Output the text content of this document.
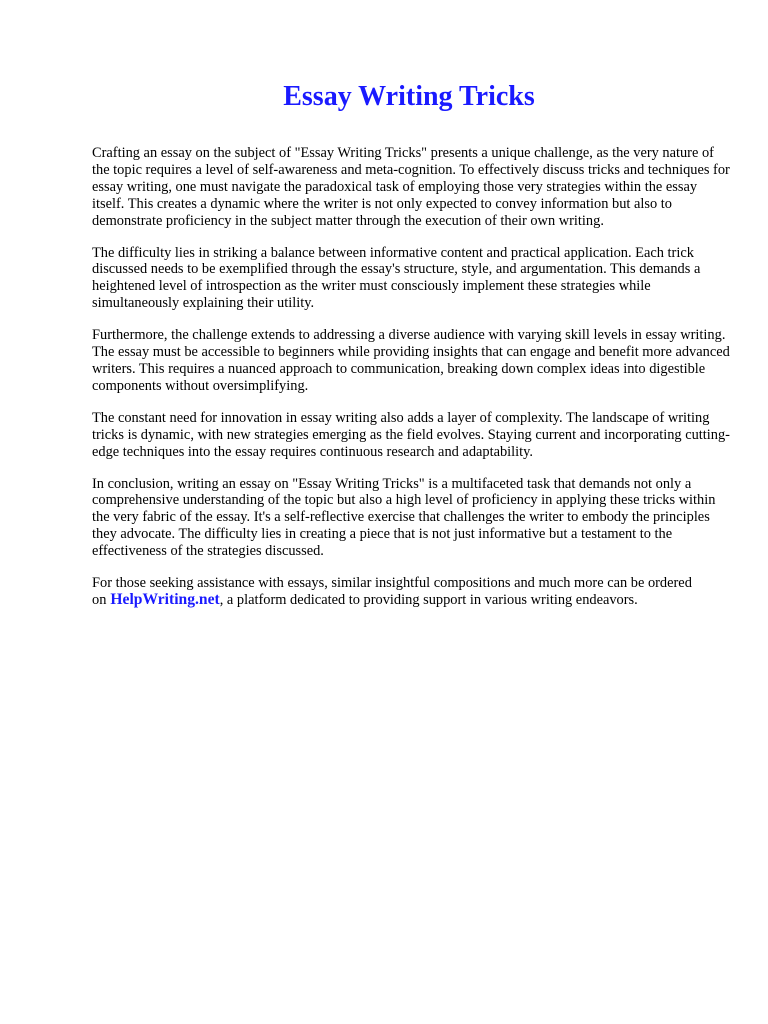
Essay Writing Tricks

Crafting an essay on the subject of "Essay Writing Tricks" presents a unique challenge, as the very nature of the topic requires a level of self-awareness and meta-cognition. To effectively discuss tricks and techniques for essay writing, one must navigate the paradoxical task of employing those very strategies within the essay itself. This creates a dynamic where the writer is not only expected to convey information but also to demonstrate proficiency in the subject matter through the execution of their own writing.

The difficulty lies in striking a balance between informative content and practical application. Each trick discussed needs to be exemplified through the essay's structure, style, and argumentation. This demands a heightened level of introspection as the writer must consciously implement these strategies while simultaneously explaining their utility.

Furthermore, the challenge extends to addressing a diverse audience with varying skill levels in essay writing. The essay must be accessible to beginners while providing insights that can engage and benefit more advanced writers. This requires a nuanced approach to communication, breaking down complex ideas into digestible components without oversimplifying.

The constant need for innovation in essay writing also adds a layer of complexity. The landscape of writing tricks is dynamic, with new strategies emerging as the field evolves. Staying current and incorporating cutting-edge techniques into the essay requires continuous research and adaptability.

In conclusion, writing an essay on "Essay Writing Tricks" is a multifaceted task that demands not only a comprehensive understanding of the topic but also a high level of proficiency in applying these tricks within the very fabric of the essay. It's a self-reflective exercise that challenges the writer to embody the principles they advocate. The difficulty lies in creating a piece that is not just informative but a testament to the effectiveness of the strategies discussed.

For those seeking assistance with essays, similar insightful compositions and much more can be ordered on HelpWriting.net, a platform dedicated to providing support in various writing endeavors.
